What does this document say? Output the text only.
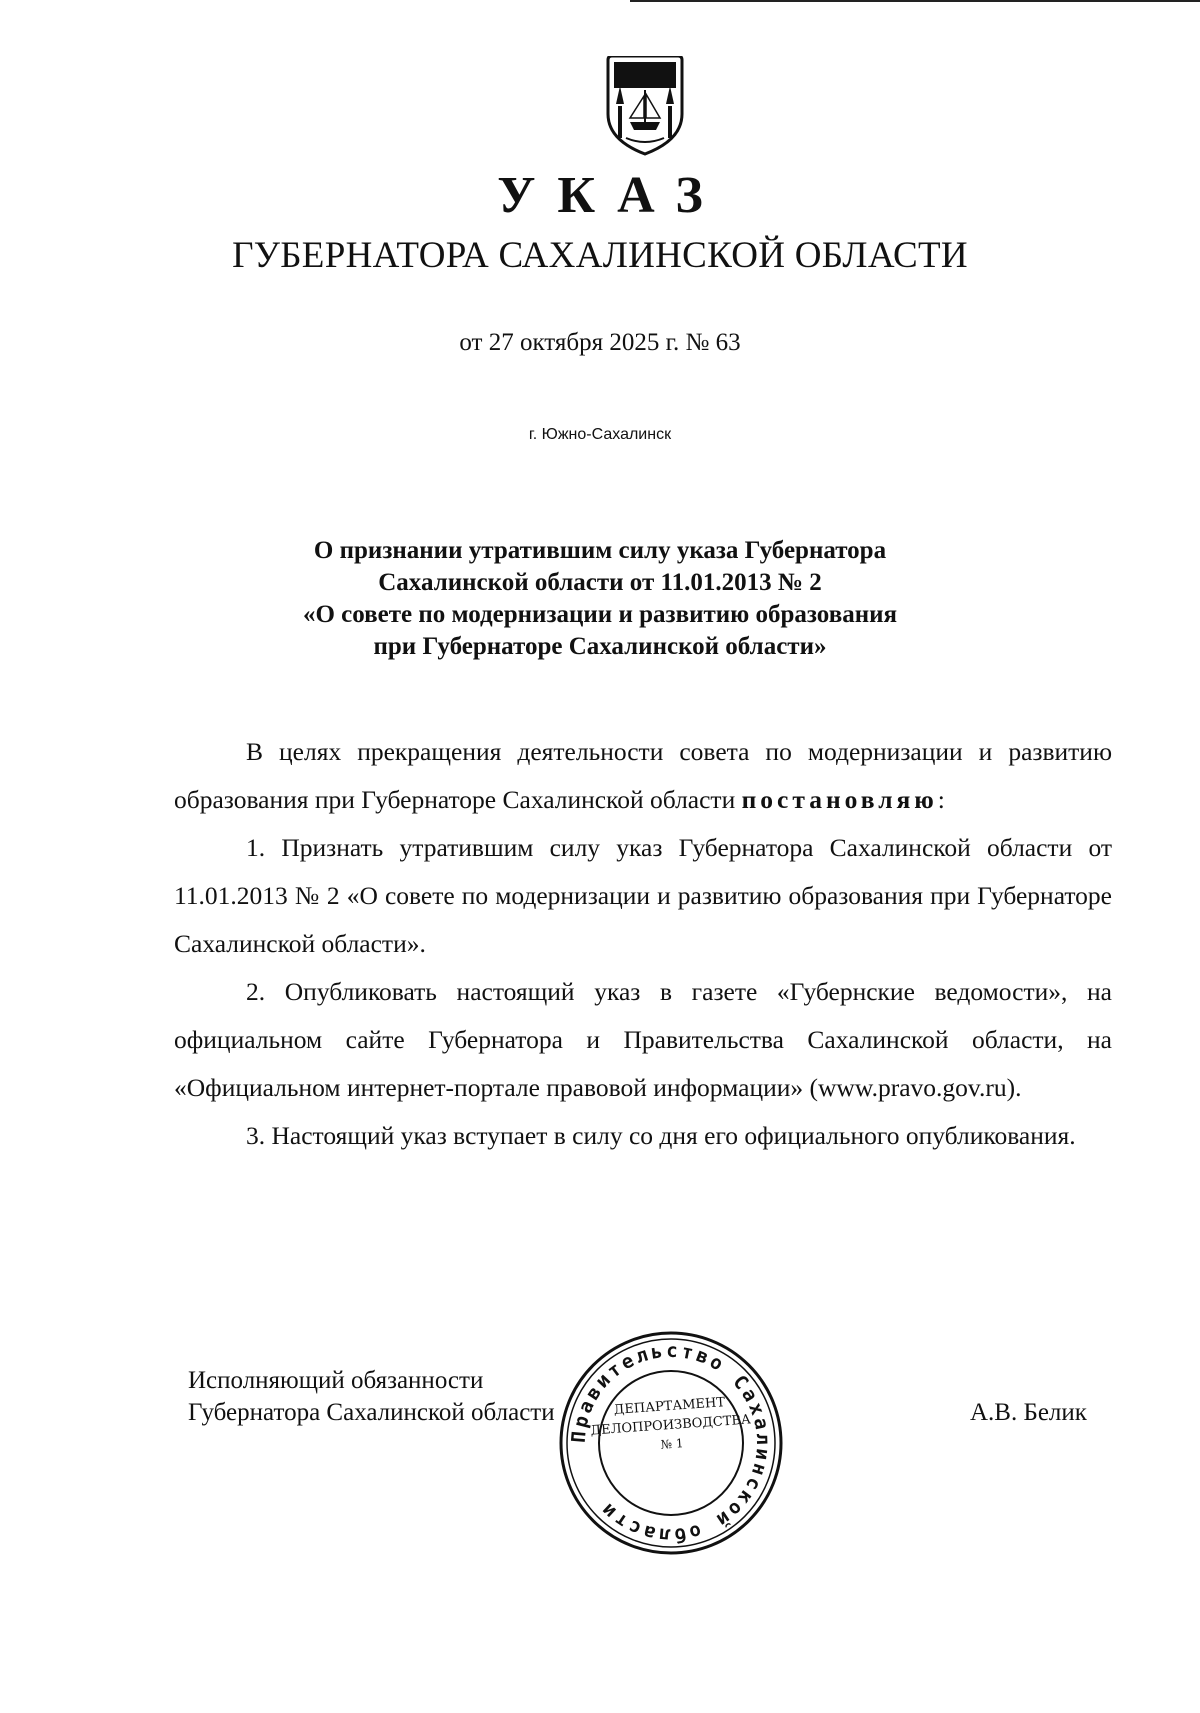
УКАЗ
ГУБЕРНАТОРА САХАЛИНСКОЙ ОБЛАСТИ
от 27 октября 2025 г. № 63
г. Южно-Сахалинск
О признании утратившим силу указа Губернатора
Сахалинской области от 11.01.2013 № 2
«О совете по модернизации и развитию образования
при Губернаторе Сахалинской области»

В целях прекращения деятельности совета по модернизации и развитию образования при Губернаторе Сахалинской области постановляю:

1. Признать утратившим силу указ Губернатора Сахалинской области от 11.01.2013 № 2 «О совете по модернизации и развитию образования при Губернаторе Сахалинской области».

2. Опубликовать настоящий указ в газете «Губернские ведомости», на официальном сайте Губернатора и Правительства Сахалинской области, на «Официальном интернет-портале правовой информации» (www.pravo.gov.ru).

3. Настоящий указ вступает в силу со дня его официального опубликования.

Исполняющий обязанности
Губернатора Сахалинской области	А.В. Белик
Правительство Сахалинской области
ДЕПАРТАМЕНТ
ДЕЛОПРОИЗВОДСТВА
№ 1
